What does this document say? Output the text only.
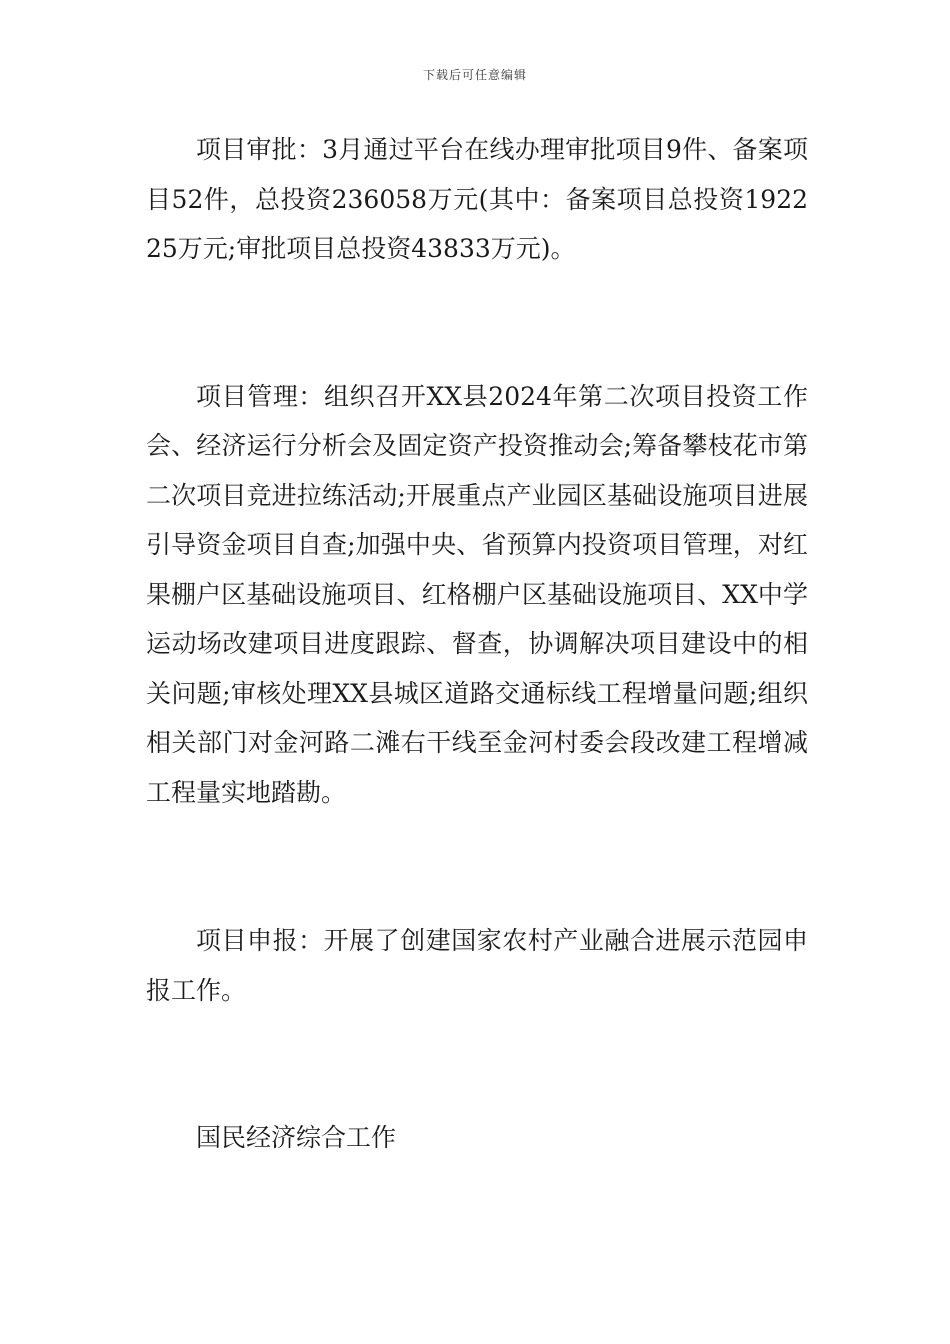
下载后可任意编辑

项目审批：3月通过平台在线办理审批项目9件、备案项目52件，总投资236058万元(其中：备案项目总投资192225万元;审批项目总投资43833万元)。

项目管理：组织召开XX县2024年第二次项目投资工作会、经济运行分析会及固定资产投资推动会;筹备攀枝花市第二次项目竞进拉练活动;开展重点产业园区基础设施项目进展引导资金项目自查;加强中央、省预算内投资项目管理，对红果棚户区基础设施项目、红格棚户区基础设施项目、XX中学运动场改建项目进度跟踪、督查，协调解决项目建设中的相关问题;审核处理XX县城区道路交通标线工程增量问题;组织相关部门对金河路二滩右干线至金河村委会段改建工程增减工程量实地踏勘。

项目申报：开展了创建国家农村产业融合进展示范园申报工作。

国民经济综合工作
